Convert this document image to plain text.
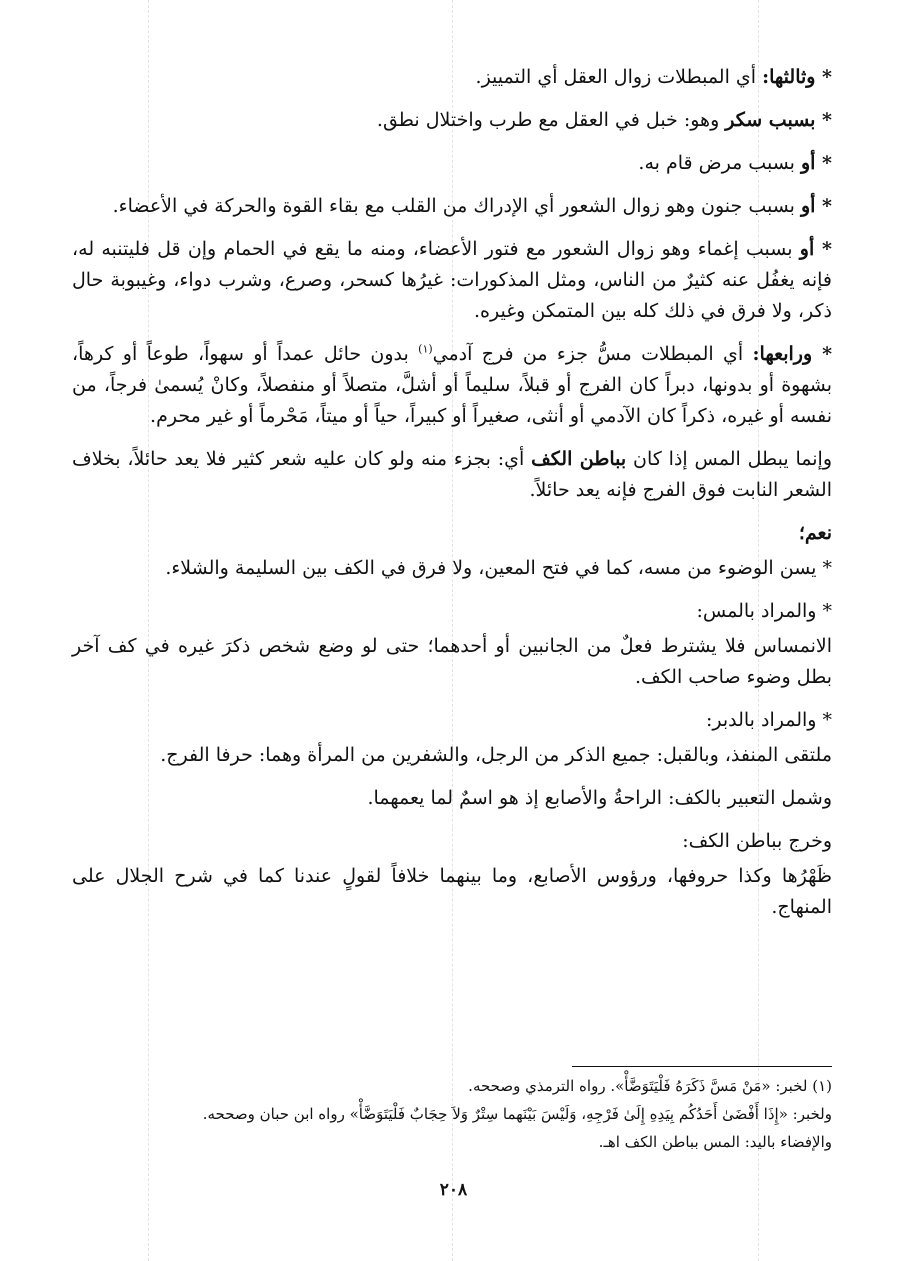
* وثالثها: أي المبطلات زوال العقل أي التمييز.

* بسبب سكر وهو: خبل في العقل مع طرب واختلال نطق.

* أو بسبب مرض قام به.

* أو بسبب جنون وهو زوال الشعور أي الإدراك من القلب مع بقاء القوة والحركة في الأعضاء.

* أو بسبب إغماء وهو زوال الشعور مع فتور الأعضاء، ومنه ما يقع في الحمام وإن قل فليتنبه له، فإنه يغفُل عنه كثيرٌ من الناس، ومثل المذكورات: غيرُها كسحر، وصرع، وشرب دواء، وغيبوبة حال ذكر، ولا فرق في ذلك كله بين المتمكن وغيره.

* ورابعها: أي المبطلات مسُّ جزء من فرج آدمي$^{(١)}$ بدون حائل عمداً أو سهواً، طوعاً أو كرهاً، بشهوة أو بدونها، دبراً كان الفرج أو قبلاً، سليماً أو أشلَّ، متصلاً أو منفصلاً، وكانْ يُسمىٰ فرجاً، من نفسه أو غيره، ذكراً كان الآدمي أو أنثى، صغيراً أو كبيراً، حياً أو ميتاً، مَحْرماً أو غير محرم.

وإنما يبطل المس إذا كان بباطن الكف أي: بجزء منه ولو كان عليه شعر كثير فلا يعد حائلاً، بخلاف الشعر النابت فوق الفرج فإنه يعد حائلاً.

نعم؛

* يسن الوضوء من مسه، كما في فتح المعين، ولا فرق في الكف بين السليمة والشلاء.

* والمراد بالمس:

الانمساس فلا يشترط فعلٌ من الجانبين أو أحدهما؛ حتى لو وضع شخص ذكرَ غيره في كف آخر بطل وضوء صاحب الكف.

* والمراد بالدبر:

ملتقى المنفذ، وبالقبل: جميع الذكر من الرجل، والشفرين من المرأة وهما: حرفا الفرج.

وشمل التعبير بالكف: الراحةُ والأصابع إذ هو اسمٌ لما يعمهما.

وخرج بباطن الكف:

ظَهْرُها وكذا حروفها، ورؤوس الأصابع، وما بينهما خلافاً لقولٍ عندنا كما في شرح الجلال على المنهاج.

(١) لخبر: «مَنْ مَسَّ ذَكَرَهُ فَلْيَتَوَضَّأْ». رواه الترمذي وصححه.

ولخبر: «إِذَا أَفْضَىٰ أَحَدُكُم بِيَدِهِ إِلَىٰ فَرْجِهِ، وَلَيْسَ بَيْنَهما سِتْرٌ وَلاَ حِجَابٌ فَلْيَتَوَضَّأْ» رواه ابن حبان وصححه.

والإفضاء باليد: المس بباطن الكف اهـ.

٢٠٨
